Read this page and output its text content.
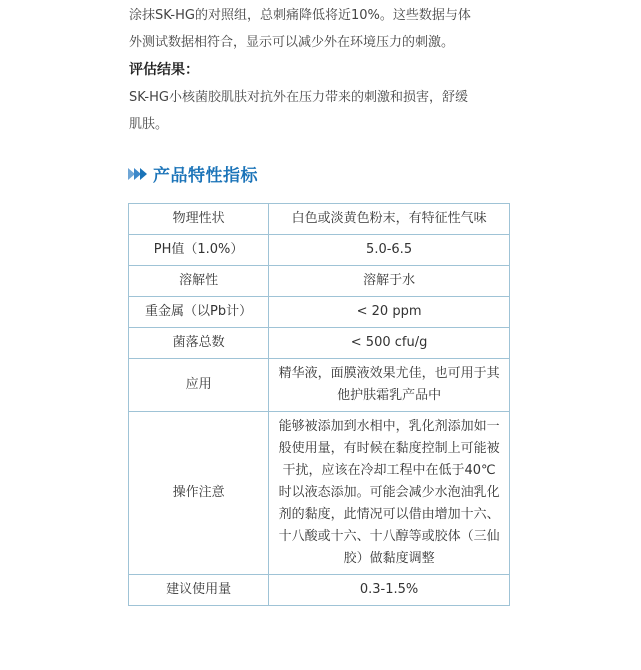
涂抹SK-HG的对照组，总刺痛降低将近10%。这些数据与体
外测试数据相符合，显示可以减少外在环境压力的刺激。
评估结果：
SK-HG小核菌胶肌肤对抗外在压力带来的刺激和损害，舒缓
肌肤。
产品特性指标
物理性状	白色或淡黄色粉末，有特征性气味
PH值（1.0%）	5.0-6.5
溶解性	溶解于水
重金属（以Pb计）	< 20 ppm
菌落总数	< 500 cfu/g
应用	精华液，面膜液效果尤佳，也可用于其他护肤霜乳产品中
操作注意	能够被添加到水相中，乳化剂添加如一般使用量，有时候在黏度控制上可能被干扰，应该在冷却工程中在低于40℃时以液态添加。可能会减少水泡油乳化剂的黏度，此情况可以借由增加十六、十八酸或十六、十八醇等或胶体（三仙胶）做黏度调整
建议使用量	0.3-1.5%
